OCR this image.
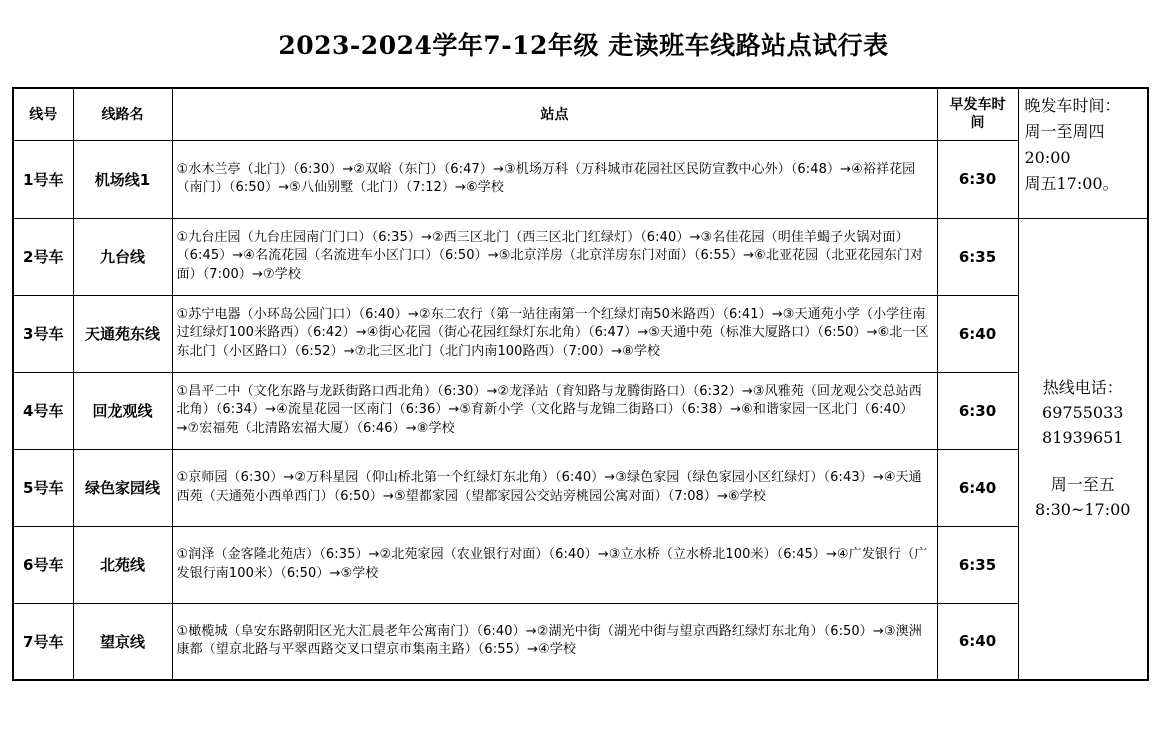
2023-2024学年7-12年级 走读班车线路站点试行表
线号	线路名	站点	早发车时间	晚发车时间：
周一至周四
20:00
周五17:00。

1号车	机场线1	①水木兰亭（北门）（6:30）→②双峪（东门）（6:47）→③机场万科（万科城市花园社区民防宣教中心外）（6:48）→④裕祥花园（南门）（6:50）→⑤八仙别墅（北门）（7:12）→⑥学校	6:30	
2号车	九台线	①九台庄园（九台庄园南门门口）（6:35）→②西三区北门（西三区北门红绿灯）（6:40）→③名佳花园（明佳羊蝎子火锅对面）（6:45）→④名流花园（名流进车小区门口）（6:50）→⑤北京洋房（北京洋房东门对面）（6:55）→⑥北亚花园（北亚花园东门对面）（7:00）→⑦学校	6:35	热线电话：
69755033
81939651
周一至五
8:30~17:00

3号车	天通苑东线	①苏宁电器（小环岛公园门口）（6:40）→②东二农行（第一站往南第一个红绿灯南50米路西）（6:41）→③天通苑小学（小学往南过红绿灯100米路西）（6:42）→④街心花园（街心花园红绿灯东北角）（6:47）→⑤天通中苑（标准大厦路口）（6:50）→⑥北一区东北门（小区路口）（6:52）→⑦北三区北门（北门内南100路西）（7:00）→⑧学校	6:40	
4号车	回龙观线	①昌平二中（文化东路与龙跃街路口西北角）（6:30）→②龙泽站（育知路与龙腾街路口）（6:32）→③风雅苑（回龙观公交总站西北角）（6:34）→④流星花园一区南门（6:36）→⑤育新小学（文化路与龙锦二街路口）（6:38）→⑥和谐家园一区北门（6:40）→⑦宏福苑（北清路宏福大厦）（6:46）→⑧学校	6:30	
5号车	绿色家园线	①京师园（6:30）→②万科星园（仰山桥北第一个红绿灯东北角）（6:40）→③绿色家园（绿色家园小区红绿灯）（6:43）→④天通西苑（天通苑小西单西门）（6:50）→⑤望都家园（望都家园公交站旁桃园公寓对面）（7:08）→⑥学校	6:40	
6号车	北苑线	①润泽（金客隆北苑店）（6:35）→②北苑家园（农业银行对面）（6:40）→③立水桥（立水桥北100米）（6:45）→④广发银行（广发银行南100米）（6:50）→⑤学校	6:35	
7号车	望京线	①橄榄城（阜安东路朝阳区光大汇晨老年公寓南门）（6:40）→②湖光中街（湖光中街与望京西路红绿灯东北角）（6:50）→③澳洲康都（望京北路与平翠西路交叉口望京市集南主路）（6:55）→④学校	6:40	
